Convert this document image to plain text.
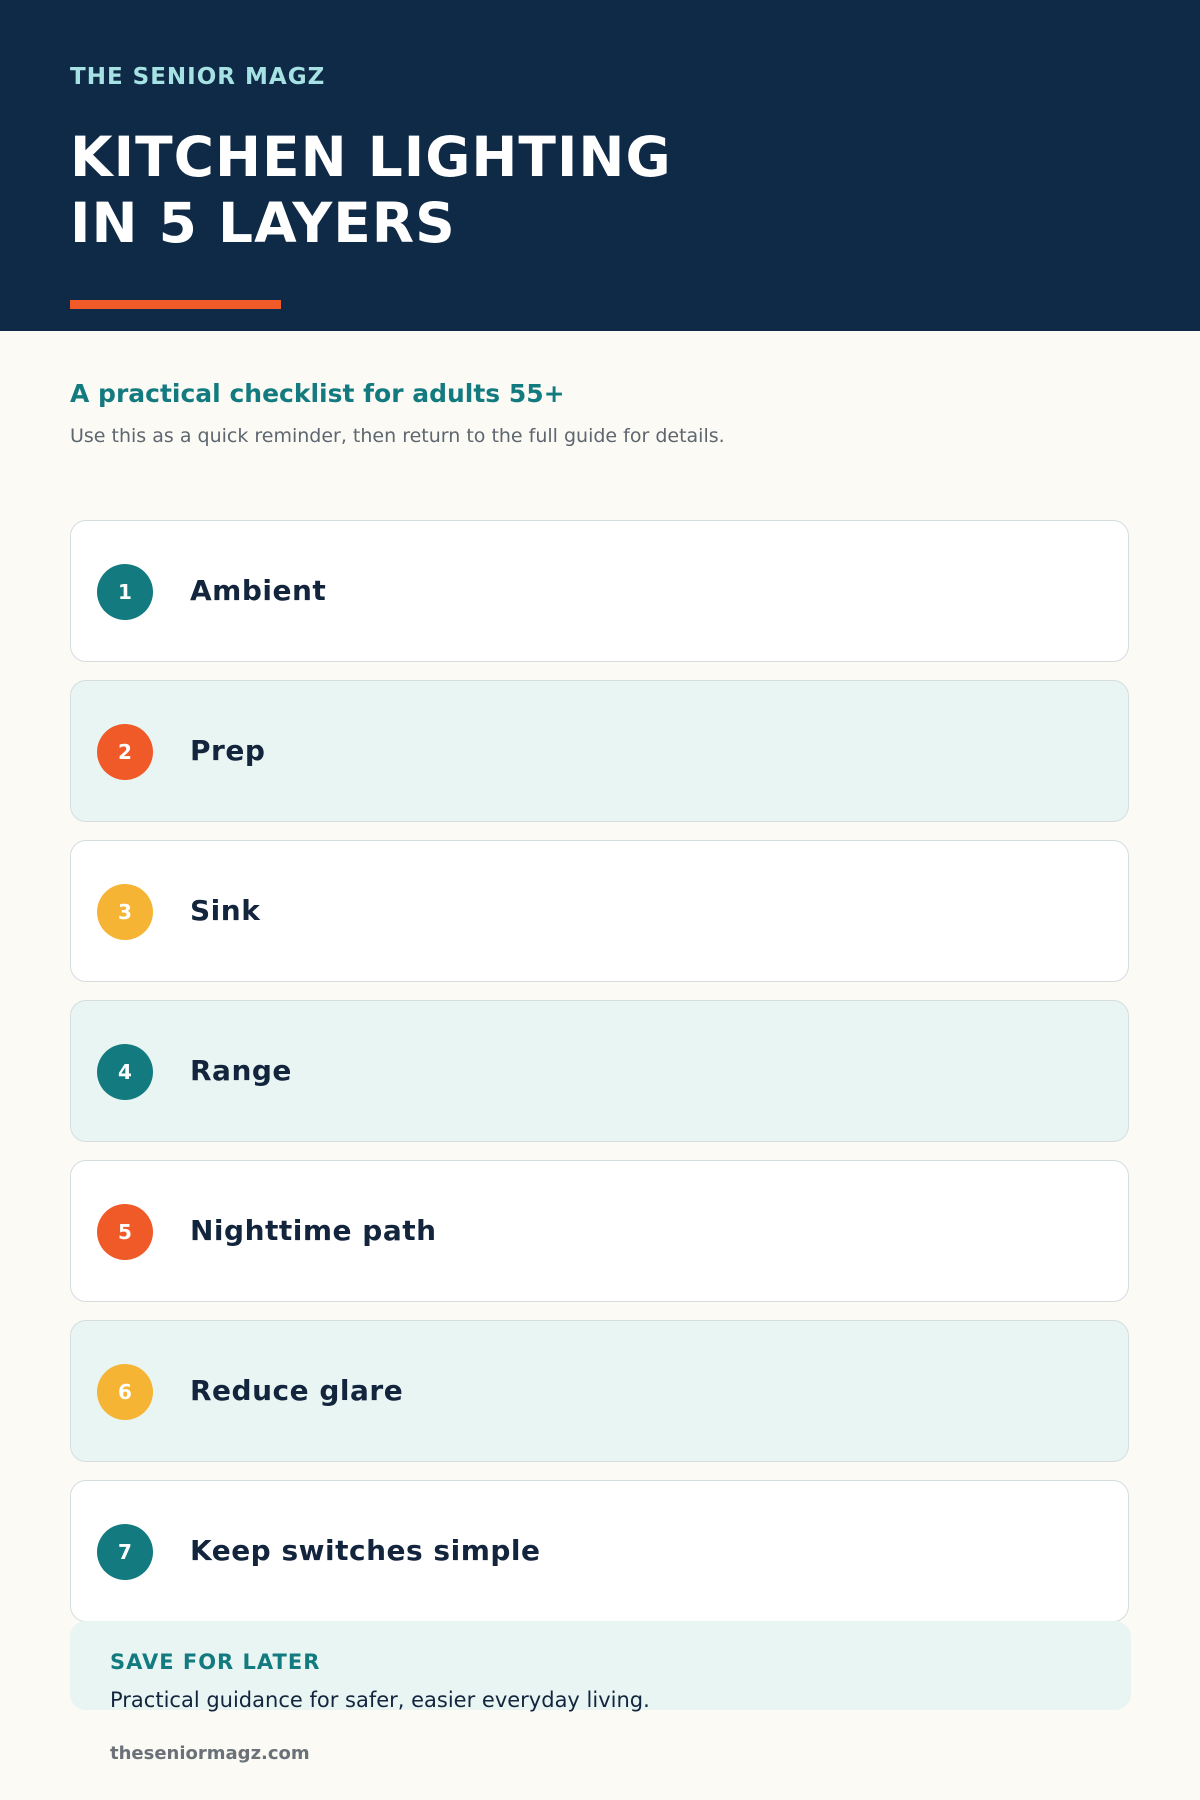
THE SENIOR MAGZ
KITCHEN LIGHTING
IN 5 LAYERS
A practical checklist for adults 55+
Use this as a quick reminder, then return to the full guide for details.
1	Ambient
2	Prep
3	Sink
4	Range
5	Nighttime path
6	Reduce glare
7	Keep switches simple
SAVE FOR LATER
Practical guidance for safer, easier everyday living.
theseniormagz.com
